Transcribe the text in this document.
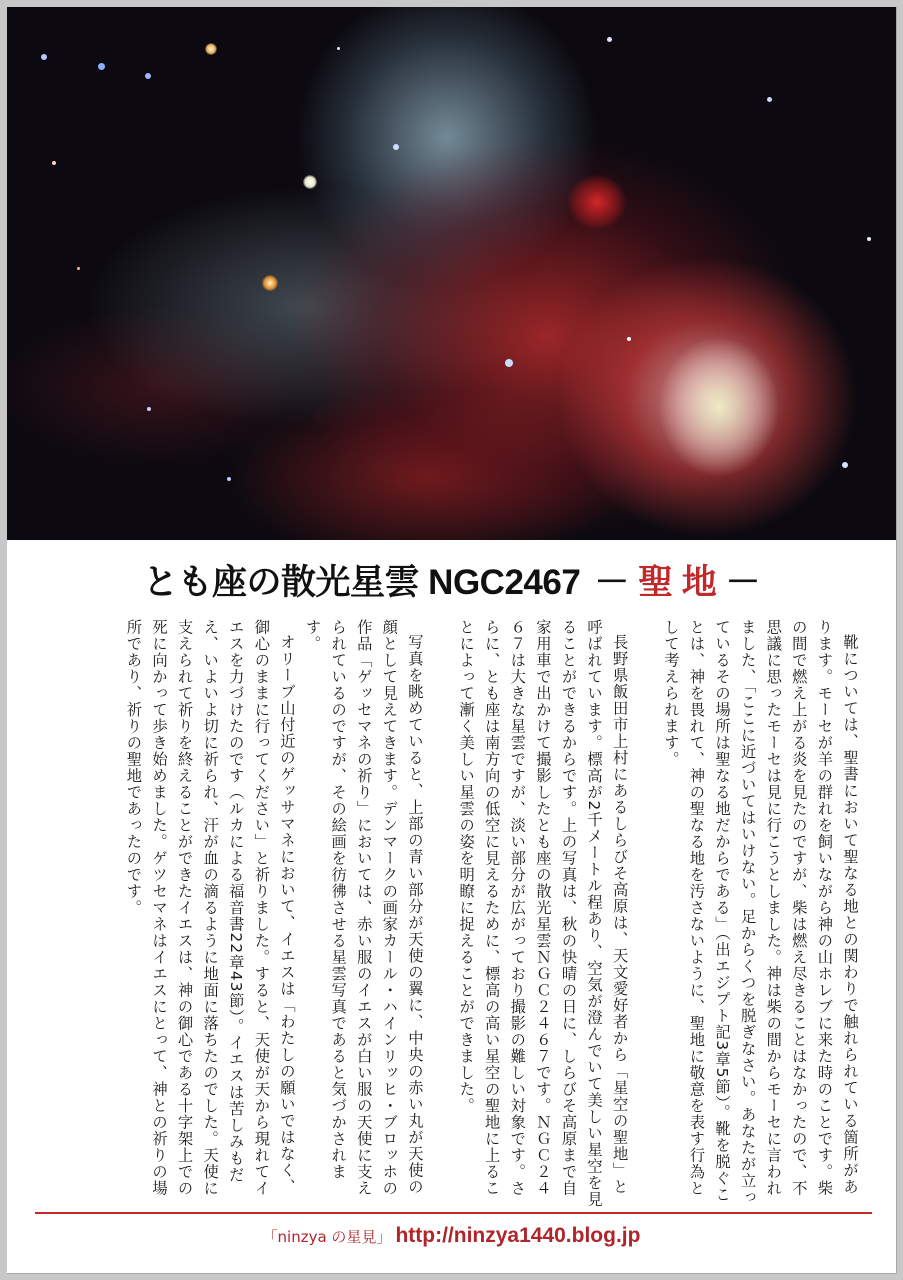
とも座の散光星雲 NGC2467 － 聖 地 －

靴については、聖書において聖なる地との関わりで触れられている箇所があります。モーセが羊の群れを飼いながら神の山ホレブに来た時のことです。柴の間で燃え上がる炎を見たのですが、柴は燃え尽きることはなかったので、不思議に思ったモーセは見に行こうとしました。神は柴の間からモーセに言われました、「ここに近づいてはいけない。足からくつを脱ぎなさい。あなたが立っているその場所は聖なる地だからである」（出エジプト記3章5節）。靴を脱ぐことは、神を畏れて、神の聖なる地を汚さないように、聖地に敬意を表す行為として考えられます。

長野県飯田市上村にあるしらびそ高原は、天文愛好者から「星空の聖地」と呼ばれています。標高が2千メートル程あり、空気が澄んでいて美しい星空を見ることができるからです。上の写真は、秋の快晴の日に、しらびそ高原まで自家用車で出かけて撮影したとも座の散光星雲ＮＧＣ２４６７です。ＮＧＣ２４６７は大きな星雲ですが、淡い部分が広がっており撮影の難しい対象です。さらに、とも座は南方向の低空に見えるために、標高の高い星空の聖地に上ることによって漸く美しい星雲の姿を明瞭に捉えることができました。

写真を眺めていると、上部の青い部分が天使の翼に、中央の赤い丸が天使の顔として見えてきます。デンマークの画家カール・ハインリッヒ・ブロッホの作品「ゲッセマネの祈り」においては、赤い服のイエスが白い服の天使に支えられているのですが、その絵画を彷彿させる星雲写真であると気づかされます。

オリーブ山付近のゲッサマネにおいて、イエスは「わたしの願いではなく、御心のままに行ってください」と祈りました。すると、天使が天から現れてイエスを力づけたのです（ルカによる福音書22章43節）。イエスは苦しみもだえ、いよいよ切に祈られ、汗が血の滴るように地面に落ちたのでした。天使に支えられて祈りを終えることができたイエスは、神の御心である十字架上での死に向かって歩き始めました。ゲツセマネはイエスにとって、神との祈りの場所であり、祈りの聖地であったのです。

「ninzya の星見」 http://ninzya1440.blog.jp
